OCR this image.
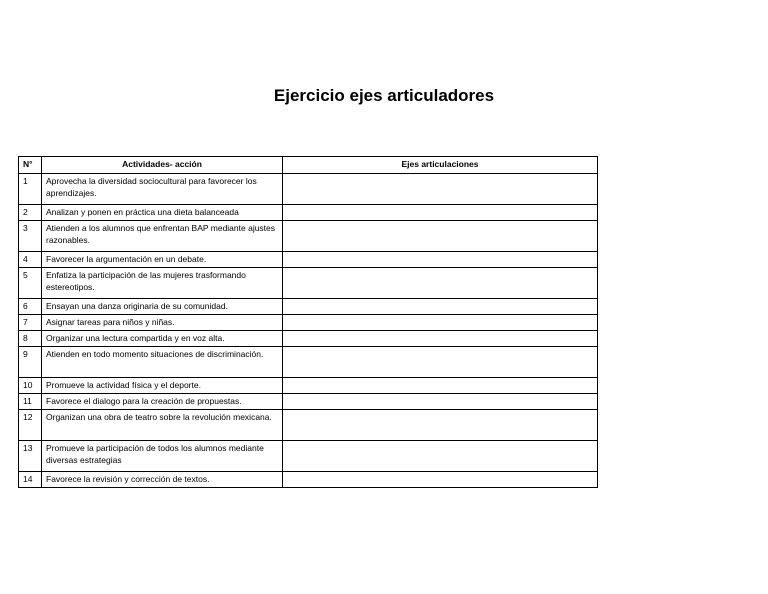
Ejercicio ejes articuladores
N°	Actividades- acción	Ejes articulaciones
1	Aprovecha la diversidad sociocultural para favorecer los aprendizajes.	
2	Analizan y ponen en práctica una dieta balanceada	
3	Atienden a los alumnos que enfrentan BAP mediante ajustes razonables.	
4	Favorecer la argumentación en un debate.	
5	Enfatiza la participación de las mujeres trasformando estereotipos.	
6	Ensayan una danza originaria de su comunidad.	
7	Asignar tareas para niños y niñas.	
8	Organizar una lectura compartida y en voz alta.	
9	Atienden en todo momento situaciones de discriminación.	
10	Promueve la actividad física y el deporte.	
11	Favorece el dialogo para la creación de propuestas.	
12	Organizan una obra de teatro sobre la revolución mexicana.	
13	Promueve la participación de todos los alumnos mediante diversas estrategias	
14	Favorece la revisión y corrección de textos.	
